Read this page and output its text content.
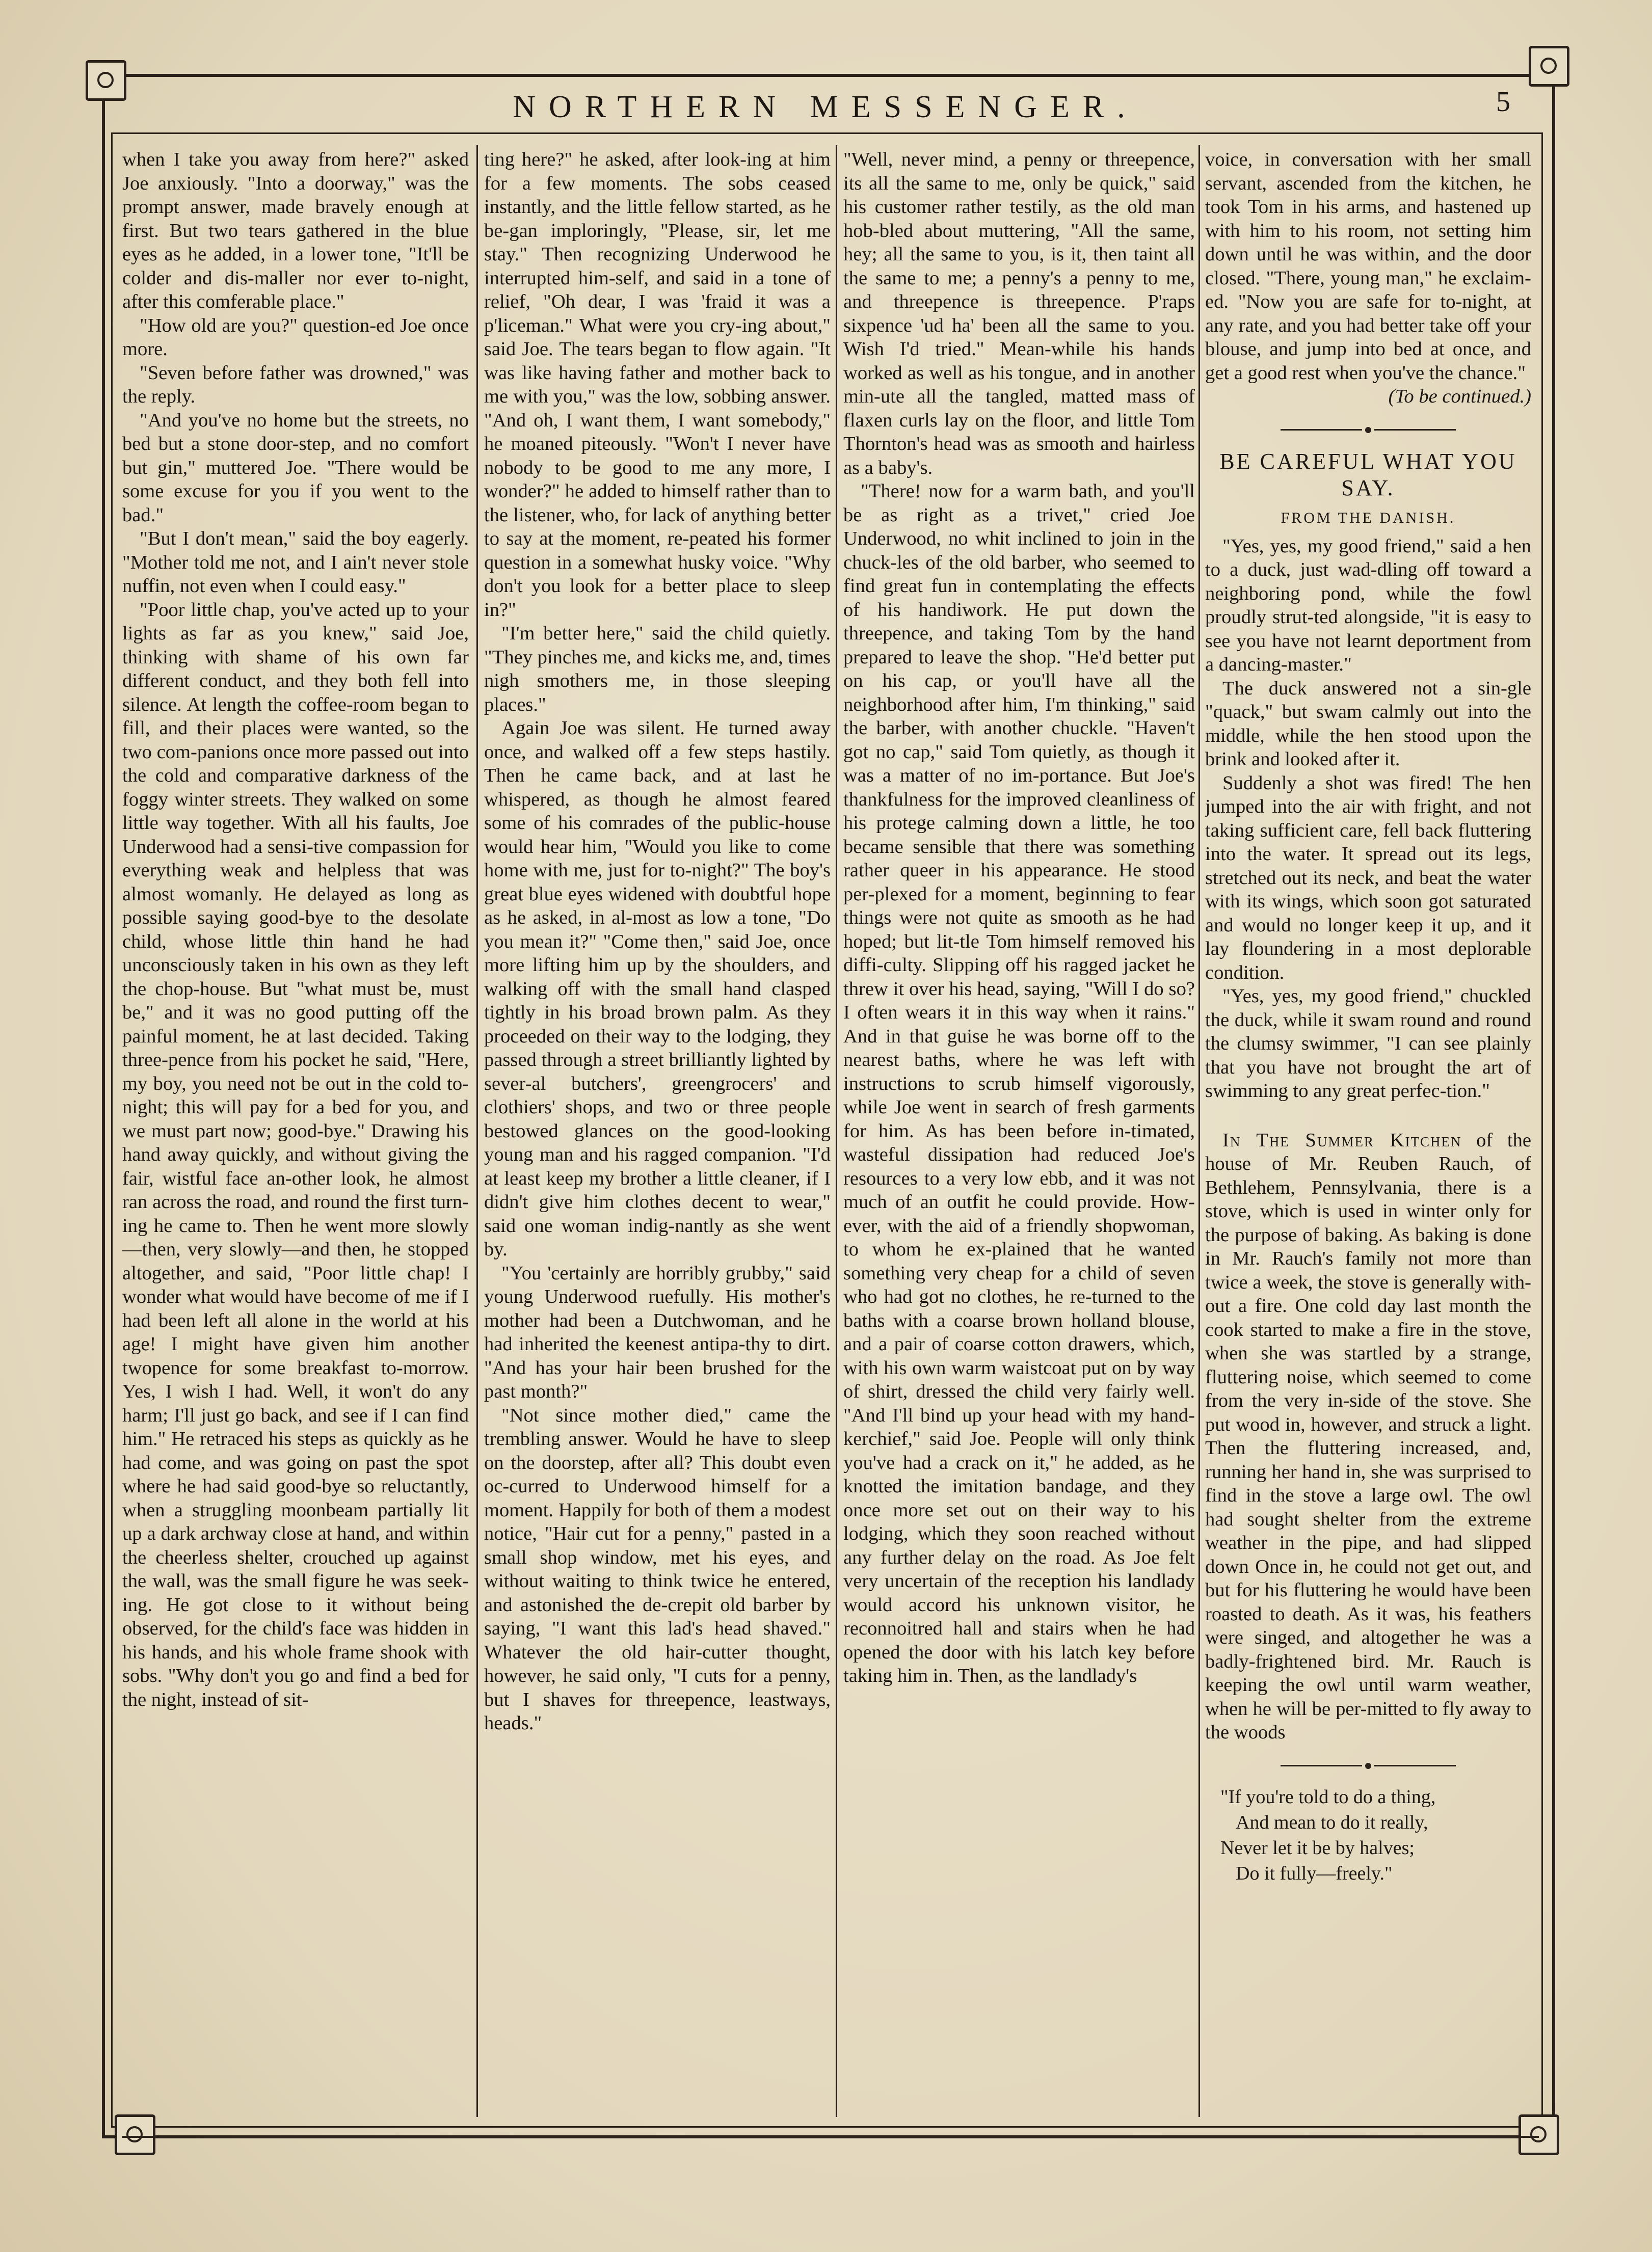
NORTHERN MESSENGER.	5

when I take you away from here?" asked Joe anxiously. "Into a doorway," was the prompt answer, made bravely enough at first. But two tears gathered in the blue eyes as he added, in a lower tone, "It'll be colder and dis-maller nor ever to-night, after this comferable place."

"How old are you?" question-ed Joe once more.

"Seven before father was drowned," was the reply.

"And you've no home but the streets, no bed but a stone door-step, and no comfort but gin," muttered Joe. "There would be some excuse for you if you went to the bad."

"But I don't mean," said the boy eagerly. "Mother told me not, and I ain't never stole nuffin, not even when I could easy."

"Poor little chap, you've acted up to your lights as far as you knew," said Joe, thinking with shame of his own far different conduct, and they both fell into silence. At length the coffee-room began to fill, and their places were wanted, so the two com-panions once more passed out into the cold and comparative darkness of the foggy winter streets. They walked on some little way together. With all his faults, Joe Underwood had a sensi-tive compassion for everything weak and helpless that was almost womanly. He delayed as long as possible saying good-bye to the desolate child, whose little thin hand he had unconsciously taken in his own as they left the chop-house. But "what must be, must be," and it was no good putting off the painful moment, he at last decided. Taking three-pence from his pocket he said, "Here, my boy, you need not be out in the cold to-night; this will pay for a bed for you, and we must part now; good-bye." Drawing his hand away quickly, and without giving the fair, wistful face an-other look, he almost ran across the road, and round the first turn-ing he came to. Then he went more slowly—then, very slowly—and then, he stopped altogether, and said, "Poor little chap! I wonder what would have become of me if I had been left all alone in the world at his age! I might have given him another twopence for some breakfast to-morrow. Yes, I wish I had. Well, it won't do any harm; I'll just go back, and see if I can find him." He retraced his steps as quickly as he had come, and was going on past the spot where he had said good-bye so reluctantly, when a struggling moonbeam partially lit up a dark archway close at hand, and within the cheerless shelter, crouched up against the wall, was the small figure he was seek-ing. He got close to it without being observed, for the child's face was hidden in his hands, and his whole frame shook with sobs. "Why don't you go and find a bed for the night, instead of sit-

ting here?" he asked, after look-ing at him for a few moments. The sobs ceased instantly, and the little fellow started, as he be-gan imploringly, "Please, sir, let me stay." Then recognizing Underwood he interrupted him-self, and said in a tone of relief, "Oh dear, I was 'fraid it was a p'liceman." What were you cry-ing about," said Joe. The tears began to flow again. "It was like having father and mother back to me with you," was the low, sobbing answer. "And oh, I want them, I want somebody," he moaned piteously. "Won't I never have nobody to be good to me any more, I wonder?" he added to himself rather than to the listener, who, for lack of anything better to say at the moment, re-peated his former question in a somewhat husky voice. "Why don't you look for a better place to sleep in?"

"I'm better here," said the child quietly. "They pinches me, and kicks me, and, times nigh smothers me, in those sleeping places."

Again Joe was silent. He turned away once, and walked off a few steps hastily. Then he came back, and at last he whispered, as though he almost feared some of his comrades of the public-house would hear him, "Would you like to come home with me, just for to-night?" The boy's great blue eyes widened with doubtful hope as he asked, in al-most as low a tone, "Do you mean it?" "Come then," said Joe, once more lifting him up by the shoulders, and walking off with the small hand clasped tightly in his broad brown palm. As they proceeded on their way to the lodging, they passed through a street brilliantly lighted by sever-al butchers', greengrocers' and clothiers' shops, and two or three people bestowed glances on the good-looking young man and his ragged companion. "I'd at least keep my brother a little cleaner, if I didn't give him clothes decent to wear," said one woman indig-nantly as she went by.

"You 'certainly are horribly grubby," said young Underwood ruefully. His mother's mother had been a Dutchwoman, and he had inherited the keenest antipa-thy to dirt. "And has your hair been brushed for the past month?"

"Not since mother died," came the trembling answer. Would he have to sleep on the doorstep, after all? This doubt even oc-curred to Underwood himself for a moment. Happily for both of them a modest notice, "Hair cut for a penny," pasted in a small shop window, met his eyes, and without waiting to think twice he entered, and astonished the de-crepit old barber by saying, "I want this lad's head shaved." Whatever the old hair-cutter thought, however, he said only, "I cuts for a penny, but I shaves for threepence, leastways, heads."

"Well, never mind, a penny or threepence, its all the same to me, only be quick," said his customer rather testily, as the old man hob-bled about muttering, "All the same, hey; all the same to you, is it, then taint all the same to me; a penny's a penny to me, and threepence is threepence. P'raps sixpence 'ud ha' been all the same to you. Wish I'd tried." Mean-while his hands worked as well as his tongue, and in another min-ute all the tangled, matted mass of flaxen curls lay on the floor, and little Tom Thornton's head was as smooth and hairless as a baby's.

"There! now for a warm bath, and you'll be as right as a trivet," cried Joe Underwood, no whit inclined to join in the chuck-les of the old barber, who seemed to find great fun in contemplating the effects of his handiwork. He put down the threepence, and taking Tom by the hand prepared to leave the shop. "He'd better put on his cap, or you'll have all the neighborhood after him, I'm thinking," said the barber, with another chuckle. "Haven't got no cap," said Tom quietly, as though it was a matter of no im-portance. But Joe's thankfulness for the improved cleanliness of his protege calming down a little, he too became sensible that there was something rather queer in his appearance. He stood per-plexed for a moment, beginning to fear things were not quite as smooth as he had hoped; but lit-tle Tom himself removed his diffi-culty. Slipping off his ragged jacket he threw it over his head, saying, "Will I do so? I often wears it in this way when it rains." And in that guise he was borne off to the nearest baths, where he was left with instructions to scrub himself vigorously, while Joe went in search of fresh garments for him. As has been before in-timated, wasteful dissipation had reduced Joe's resources to a very low ebb, and it was not much of an outfit he could provide. How-ever, with the aid of a friendly shopwoman, to whom he ex-plained that he wanted something very cheap for a child of seven who had got no clothes, he re-turned to the baths with a coarse brown holland blouse, and a pair of coarse cotton drawers, which, with his own warm waistcoat put on by way of shirt, dressed the child very fairly well. "And I'll bind up your head with my hand-kerchief," said Joe. People will only think you've had a crack on it," he added, as he knotted the imitation bandage, and they once more set out on their way to his lodging, which they soon reached without any further delay on the road. As Joe felt very uncertain of the reception his landlady would accord his unknown visitor, he reconnoitred hall and stairs when he had opened the door with his latch key before taking him in. Then, as the landlady's

voice, in conversation with her small servant, ascended from the kitchen, he took Tom in his arms, and hastened up with him to his room, not setting him down until he was within, and the door closed. "There, young man," he exclaim-ed. "Now you are safe for to-night, at any rate, and you had better take off your blouse, and jump into bed at once, and get a good rest when you've the chance."

(To be continued.)

BE CAREFUL WHAT YOU SAY.
FROM THE DANISH.

"Yes, yes, my good friend," said a hen to a duck, just wad-dling off toward a neighboring pond, while the fowl proudly strut-ted alongside, "it is easy to see you have not learnt deportment from a dancing-master."

The duck answered not a sin-gle "quack," but swam calmly out into the middle, while the hen stood upon the brink and looked after it.

Suddenly a shot was fired! The hen jumped into the air with fright, and not taking sufficient care, fell back fluttering into the water. It spread out its legs, stretched out its neck, and beat the water with its wings, which soon got saturated and would no longer keep it up, and it lay floundering in a most deplorable condition.

"Yes, yes, my good friend," chuckled the duck, while it swam round and round the clumsy swimmer, "I can see plainly that you have not brought the art of swimming to any great perfec-tion."

In The Summer Kitchen of the house of Mr. Reuben Rauch, of Bethlehem, Pennsylvania, there is a stove, which is used in winter only for the purpose of baking. As baking is done in Mr. Rauch's family not more than twice a week, the stove is generally with-out a fire. One cold day last month the cook started to make a fire in the stove, when she was startled by a strange, fluttering noise, which seemed to come from the very in-side of the stove. She put wood in, however, and struck a light. Then the fluttering increased, and, running her hand in, she was surprised to find in the stove a large owl. The owl had sought shelter from the extreme weather in the pipe, and had slipped down Once in, he could not get out, and but for his fluttering he would have been roasted to death. As it was, his feathers were singed, and altogether he was a badly-frightened bird. Mr. Rauch is keeping the owl until warm weather, when he will be per-mitted to fly away to the woods

"If you're told to do a thing,
And mean to do it really,
Never let it be by halves;
Do it fully—freely."
